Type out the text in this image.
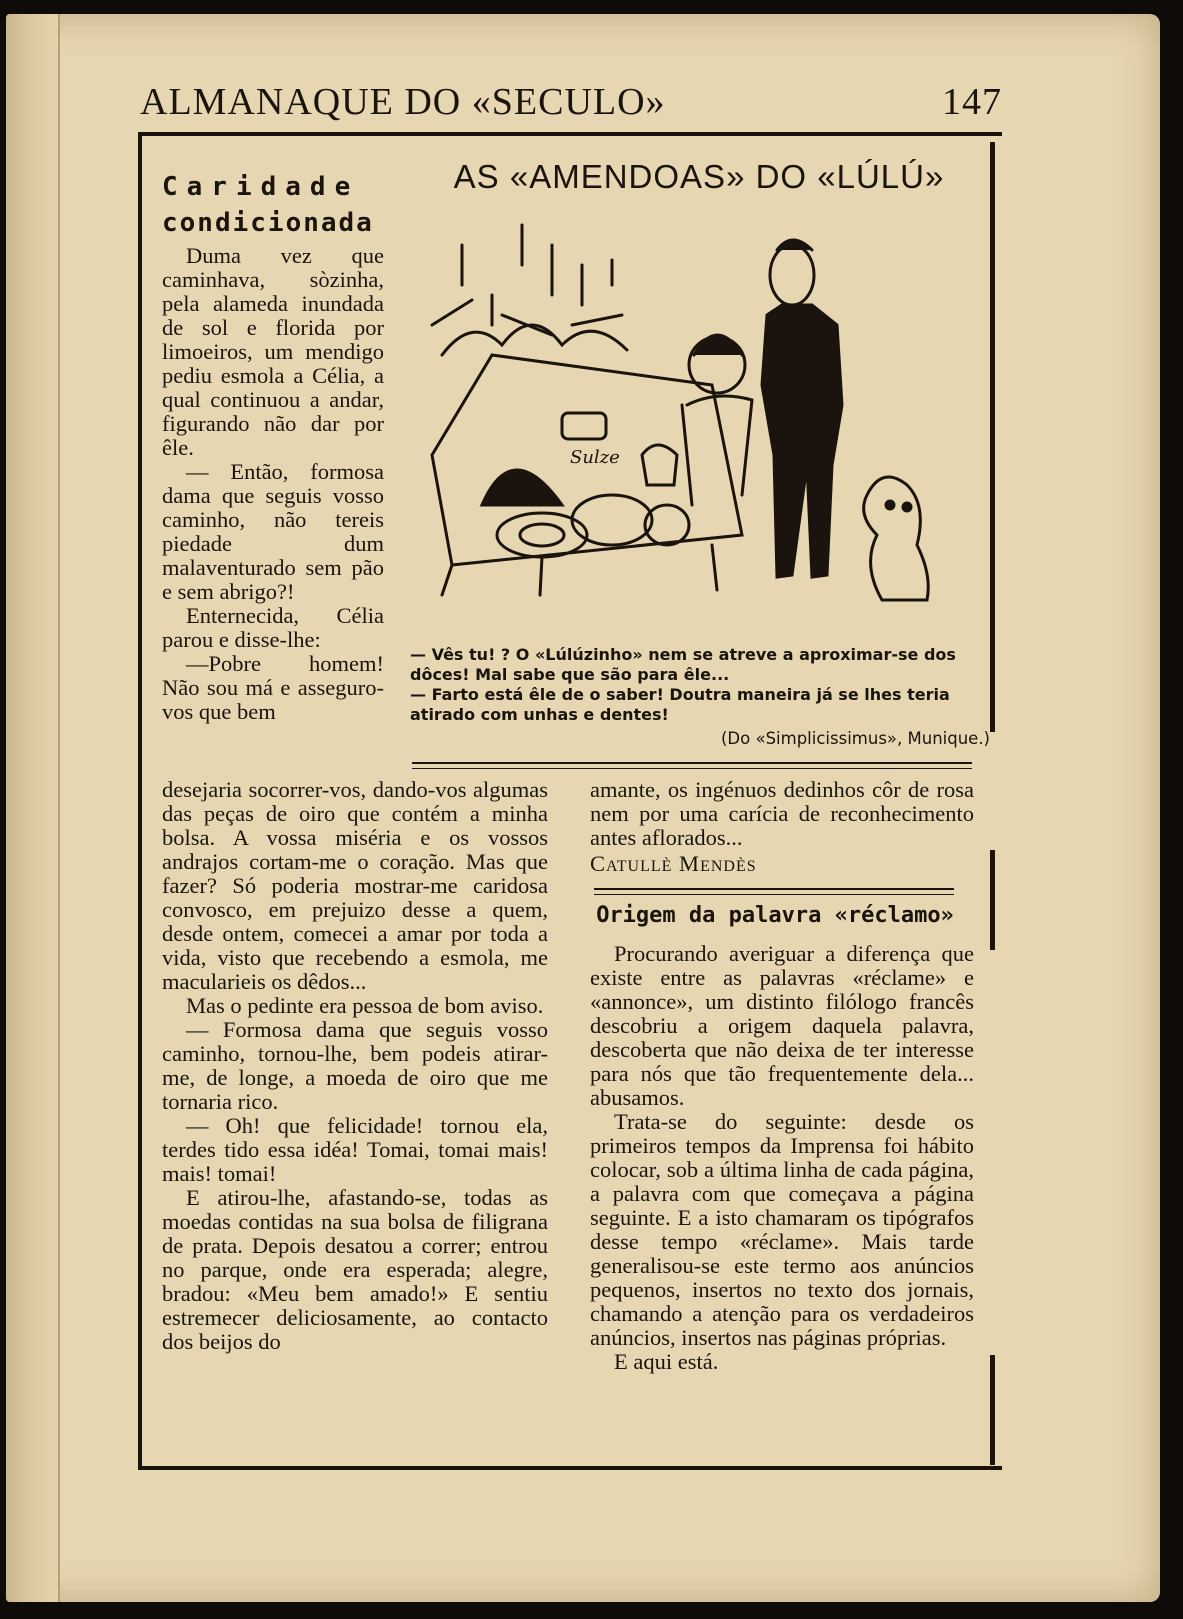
ALMANAQUE DO «SECULO»	147
Caridade
condicionada

Duma vez que caminhava, sòzinha, pela alameda inundada de sol e florida por limoeiros, um mendigo pediu esmola a Célia, a qual continuou a andar, figurando não dar por êle.

— Então, formosa dama que seguis vosso caminho, não tereis piedade dum malaventurado sem pão e sem abrigo?!

Enternecida, Célia parou e disse-lhe:

—Pobre homem! Não sou má e asseguro-vos que bem

AS «AMENDOAS» DO «LÚLÚ»
Sulze

— Vês tu! ? O «Lúlúzinho» nem se atreve a aproximar-se dos dôces! Mal sabe que são para êle...

— Farto está êle de o saber! Doutra maneira já se lhes teria atirado com unhas e dentes!

(Do «Simplicissimus», Munique.)

desejaria socorrer-vos, dando-vos algumas das peças de oiro que contém a minha bolsa. A vossa miséria e os vossos andrajos cortam-me o coração. Mas que fazer? Só poderia mostrar-me caridosa convosco, em prejuizo desse a quem, desde ontem, comecei a amar por toda a vida, visto que recebendo a esmola, me macularieis os dêdos...

Mas o pedinte era pessoa de bom aviso.

— Formosa dama que seguis vosso caminho, tornou-lhe, bem podeis atirar-me, de longe, a moeda de oiro que me tornaria rico.

— Oh! que felicidade! tornou ela, terdes tido essa idéa! Tomai, tomai mais! mais! tomai!

E atirou-lhe, afastando-se, todas as moedas contidas na sua bolsa de filigrana de prata. Depois desatou a correr; entrou no parque, onde era esperada; alegre, bradou: «Meu bem amado!» E sentiu estremecer deliciosamente, ao contacto dos beijos do

amante, os ingénuos dedinhos côr de rosa nem por uma carícia de reconhecimento antes aflorados...

Catullè Mendès

Origem da palavra «réclamo»

Procurando averiguar a diferença que existe entre as palavras «réclame» e «annonce», um distinto filólogo francês descobriu a origem daquela palavra, descoberta que não deixa de ter interesse para nós que tão frequentemente dela... abusamos.

Trata-se do seguinte: desde os primeiros tempos da Imprensa foi hábito colocar, sob a última linha de cada página, a palavra com que começava a página seguinte. E a isto chamaram os tipógrafos desse tempo «réclame». Mais tarde generalisou-se este termo aos anúncios pequenos, insertos no texto dos jornais, chamando a atenção para os verdadeiros anúncios, insertos nas páginas próprias.

E aqui está.
